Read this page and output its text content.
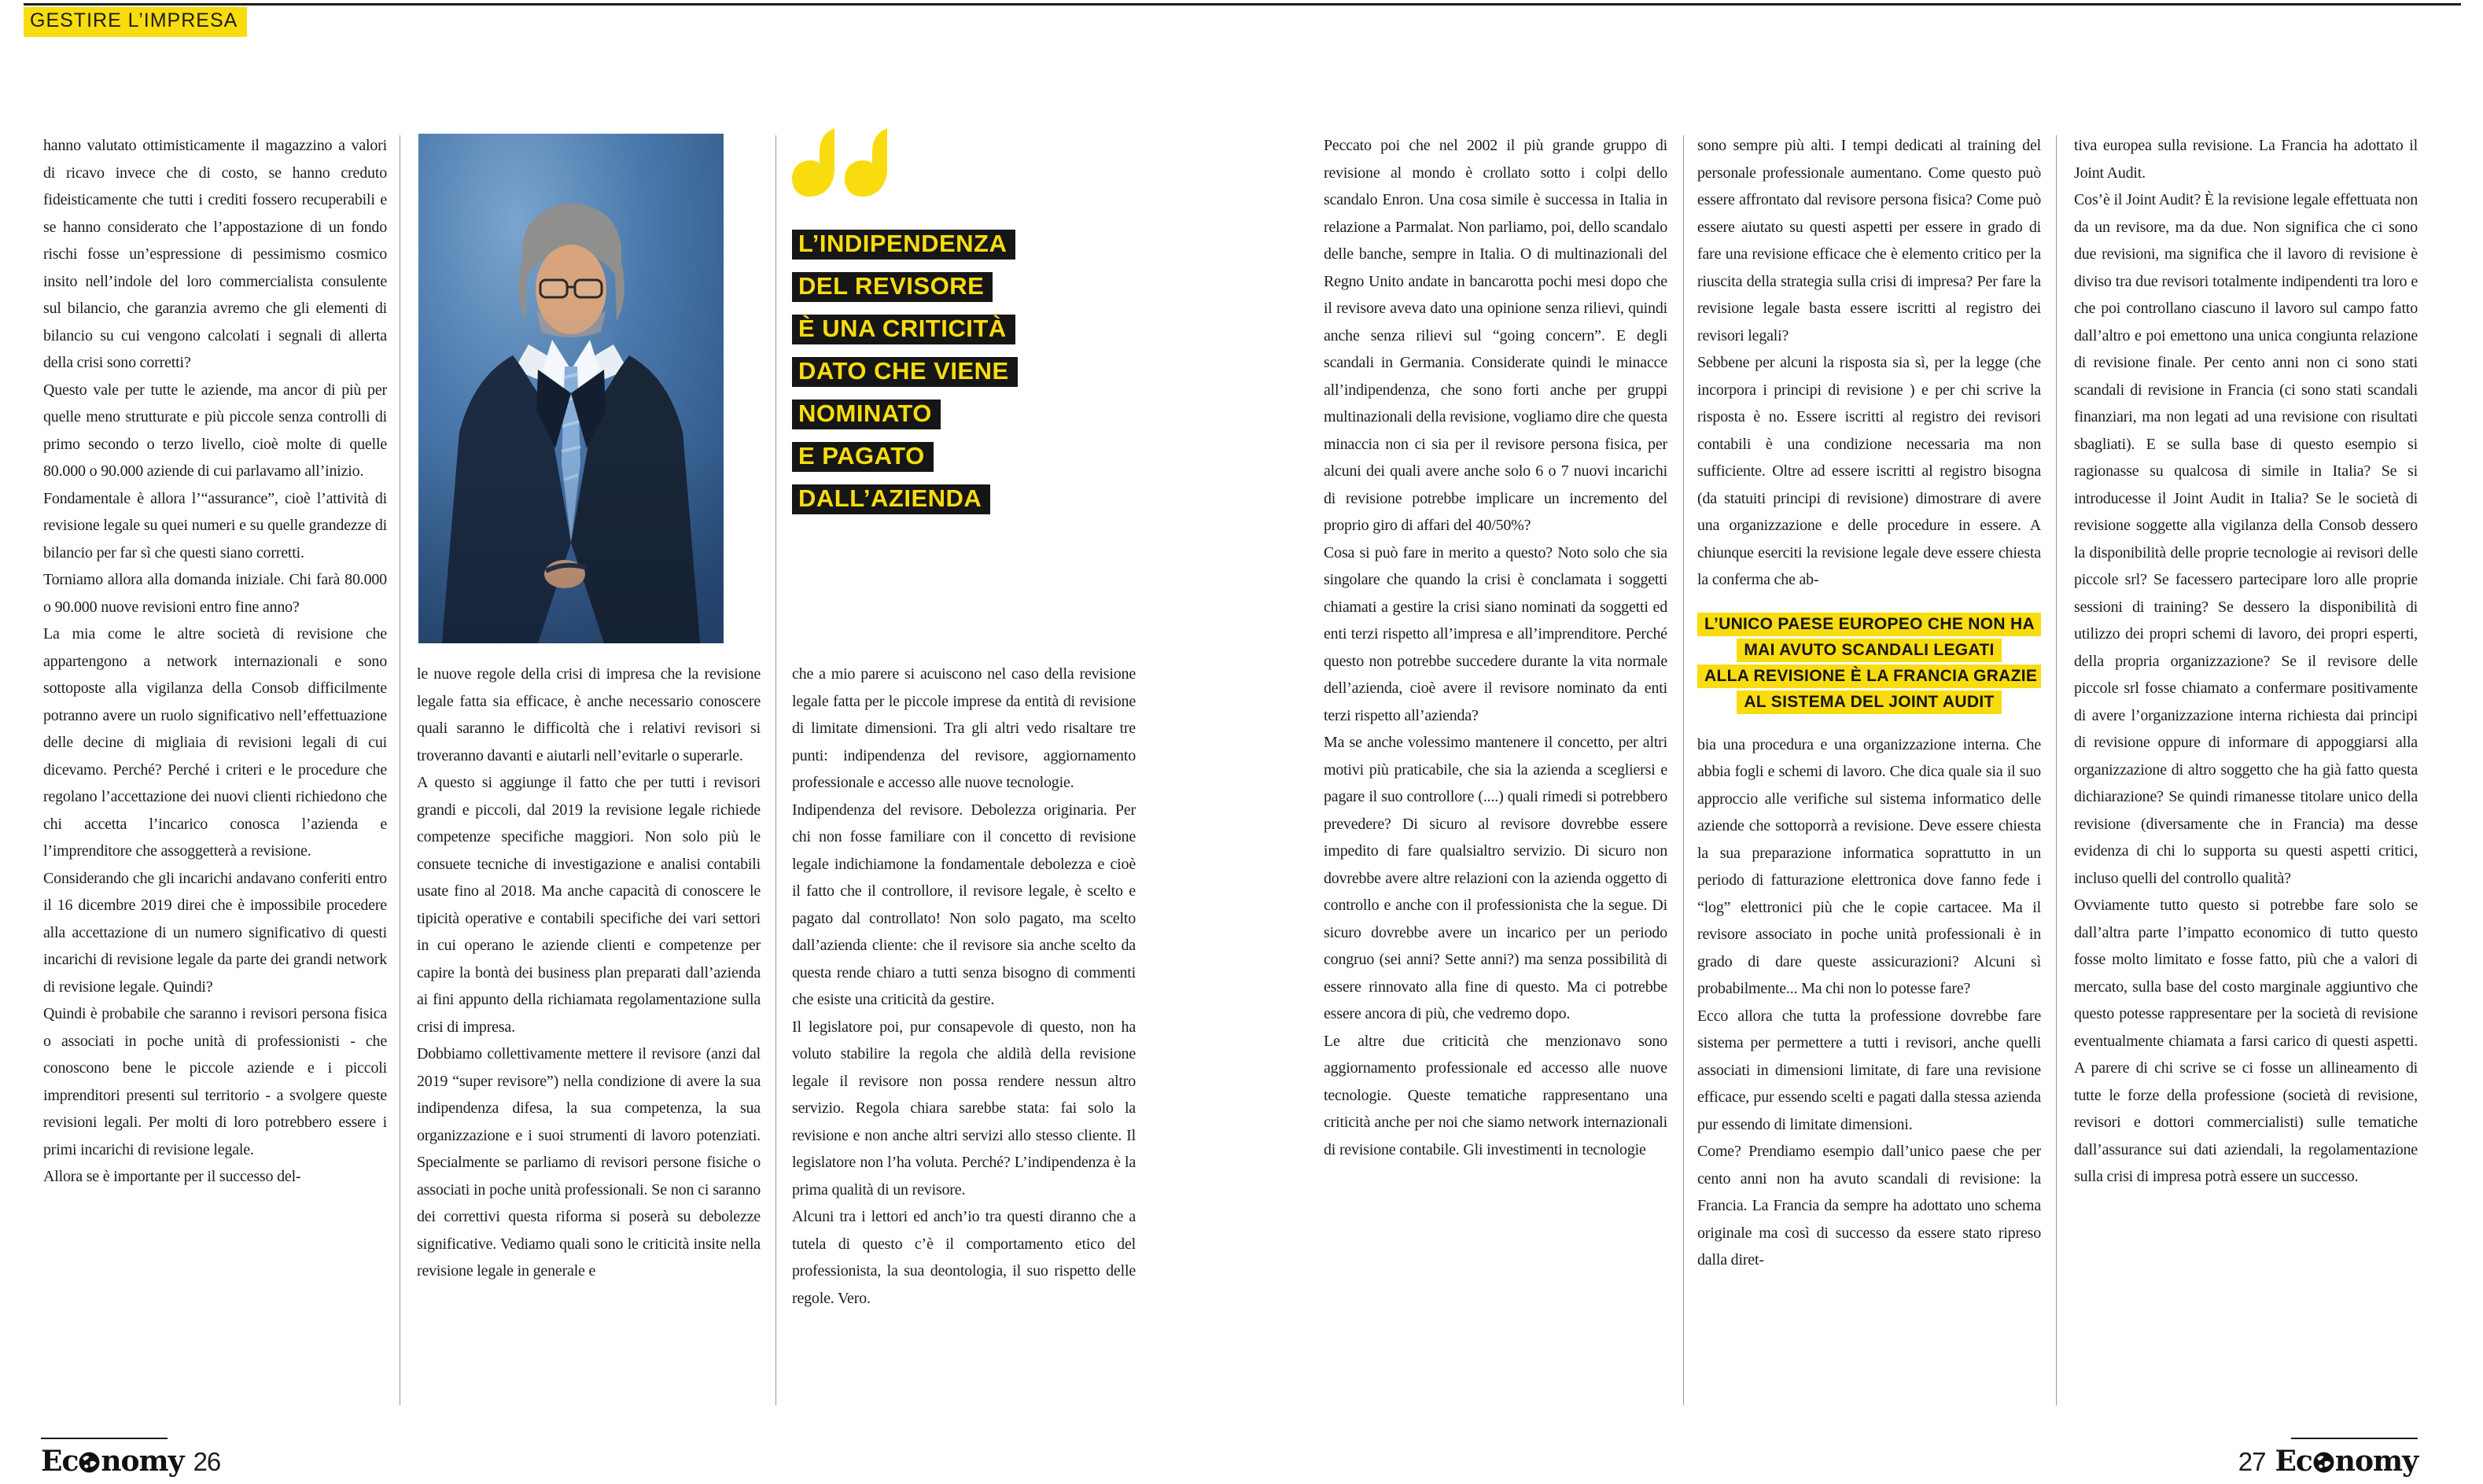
GESTIRE L’IMPRESA

hanno valutato ottimisticamente il magazzino a valori di ricavo invece che di costo, se hanno creduto fideisticamente che tutti i crediti fossero recuperabili e se hanno considerato che l’appostazione di un fondo rischi fosse un’espressione di pessimismo cosmico insito nell’indole del loro commercialista consulente sul bilancio, che garanzia avremo che gli elementi di bilancio su cui vengono calcolati i segnali di allerta della crisi sono corretti?

Questo vale per tutte le aziende, ma ancor di più per quelle meno strutturate e più piccole senza controlli di primo secondo o terzo livello, cioè molte di quelle 80.000 o 90.000 aziende di cui parlavamo all’inizio.

Fondamentale è allora l’“assurance”, cioè l’attività di revisione legale su quei numeri e su quelle grandezze di bilancio per far sì che questi siano corretti.

Torniamo allora alla domanda iniziale. Chi farà 80.000 o 90.000 nuove revisioni entro fine anno?

La mia come le altre società di revisione che appartengono a network internazionali e sono sottoposte alla vigilanza della Consob difficilmente potranno avere un ruolo significativo nell’effettuazione delle decine di migliaia di revisioni legali di cui dicevamo. Perché? Perché i criteri e le procedure che regolano l’accettazione dei nuovi clienti richiedono che chi accetta l’incarico conosca l’azienda e l’imprenditore che assoggetterà a revisione.

Considerando che gli incarichi andavano conferiti entro il 16 dicembre 2019 direi che è impossibile procedere alla accettazione di un numero significativo di questi incarichi di revisione legale da parte dei grandi network di revisione legale. Quindi?

Quindi è probabile che saranno i revisori persona fisica o associati in poche unità di professionisti - che conoscono bene le piccole aziende e i piccoli imprenditori presenti sul territorio - a svolgere queste revisioni legali. Per molti di loro potrebbero essere i primi incarichi di revisione legale.

Allora se è importante per il successo del-

le nuove regole della crisi di impresa che la revisione legale fatta sia efficace, è anche necessario conoscere quali saranno le difficoltà che i relativi revisori si troveranno davanti e aiutarli nell’evitarle o superarle.

A questo si aggiunge il fatto che per tutti i revisori grandi e piccoli, dal 2019 la revisione legale richiede competenze specifiche maggiori. Non solo più le consuete tecniche di investigazione e analisi contabili usate fino al 2018. Ma anche capacità di conoscere le tipicità operative e contabili specifiche dei vari settori in cui operano le aziende clienti e competenze per capire la bontà dei business plan preparati dall’azienda ai fini appunto della richiamata regolamentazione sulla crisi di impresa.

Dobbiamo collettivamente mettere il revisore (anzi dal 2019 “super revisore”) nella condizione di avere la sua indipendenza difesa, la sua competenza, la sua organizzazione e i suoi strumenti di lavoro potenziati. Specialmente se parliamo di revisori persone fisiche o associati in poche unità professionali. Se non ci saranno dei correttivi questa riforma si poserà su debolezze significative. Vediamo quali sono le criticità insite nella revisione legale in generale e

L’INDIPENDENZA
DEL REVISORE
È UNA CRITICITÀ
DATO CHE VIENE
NOMINATO
E PAGATO
DALL’AZIENDA

che a mio parere si acuiscono nel caso della revisione legale fatta per le piccole imprese da entità di revisione di limitate dimensioni. Tra gli altri vedo risaltare tre punti: indipendenza del revisore, aggiornamento professionale e accesso alle nuove tecnologie.

Indipendenza del revisore. Debolezza originaria. Per chi non fosse familiare con il concetto di revisione legale indichiamone la fondamentale debolezza e cioè il fatto che il controllore, il revisore legale, è scelto e pagato dal controllato! Non solo pagato, ma scelto dall’azienda cliente: che il revisore sia anche scelto da questa rende chiaro a tutti senza bisogno di commenti che esiste una criticità da gestire.

Il legislatore poi, pur consapevole di questo, non ha voluto stabilire la regola che aldilà della revisione legale il revisore non possa rendere nessun altro servizio. Regola chiara sarebbe stata: fai solo la revisione e non anche altri servizi allo stesso cliente. Il legislatore non l’ha voluta. Perché? L’indipendenza è la prima qualità di un revisore.

Alcuni tra i lettori ed anch’io tra questi diranno che a tutela di questo c’è il comportamento etico del professionista, la sua deontologia, il suo rispetto delle regole. Vero.

Peccato poi che nel 2002 il più grande gruppo di revisione al mondo è crollato sotto i colpi dello scandalo Enron. Una cosa simile è successa in Italia in relazione a Parmalat. Non parliamo, poi, dello scandalo delle banche, sempre in Italia. O di multinazionali del Regno Unito andate in bancarotta pochi mesi dopo che il revisore aveva dato una opinione senza rilievi, quindi anche senza rilievi sul “going concern”. E degli scandali in Germania. Considerate quindi le minacce all’indipendenza, che sono forti anche per gruppi multinazionali della revisione, vogliamo dire che questa minaccia non ci sia per il revisore persona fisica, per alcuni dei quali avere anche solo 6 o 7 nuovi incarichi di revisione potrebbe implicare un incremento del proprio giro di affari del 40/50%?

Cosa si può fare in merito a questo? Noto solo che sia singolare che quando la crisi è conclamata i soggetti chiamati a gestire la crisi siano nominati da soggetti ed enti terzi rispetto all’impresa e all’imprenditore. Perché questo non potrebbe succedere durante la vita normale dell’azienda, cioè avere il revisore nominato da enti terzi rispetto all’azienda?

Ma se anche volessimo mantenere il concetto, per altri motivi più praticabile, che sia la azienda a scegliersi e pagare il suo controllore (....) quali rimedi si potrebbero prevedere? Di sicuro al revisore dovrebbe essere impedito di fare qualsialtro servizio. Di sicuro non dovrebbe avere altre relazioni con la azienda oggetto di controllo e anche con il professionista che la segue. Di sicuro dovrebbe avere un incarico per un periodo congruo (sei anni? Sette anni?) ma senza possibilità di essere rinnovato alla fine di questo. Ma ci potrebbe essere ancora di più, che vedremo dopo.

Le altre due criticità che menzionavo sono aggiornamento professionale ed accesso alle nuove tecnologie. Queste tematiche rappresentano una criticità anche per noi che siamo network internazionali di revisione contabile. Gli investimenti in tecnologie

sono sempre più alti. I tempi dedicati al training del personale professionale aumentano. Come questo può essere affrontato dal revisore persona fisica? Come può essere aiutato su questi aspetti per essere in grado di fare una revisione efficace che è elemento critico per la riuscita della strategia sulla crisi di impresa? Per fare la revisione legale basta essere iscritti al registro dei revisori legali?

Sebbene per alcuni la risposta sia sì, per la legge (che incorpora i principi di revisione ) e per chi scrive la risposta è no. Essere iscritti al registro dei revisori contabili è una condizione necessaria ma non sufficiente. Oltre ad essere iscritti al registro bisogna (da statuiti principi di revisione) dimostrare di avere una organizzazione e delle procedure in essere. A chiunque eserciti la revisione legale deve essere chiesta la conferma che ab-

L’UNICO PAESE EUROPEO CHE NON HA
MAI AVUTO SCANDALI LEGATI
ALLA REVISIONE È LA FRANCIA GRAZIE
AL SISTEMA DEL JOINT AUDIT

bia una procedura e una organizzazione interna. Che abbia fogli e schemi di lavoro. Che dica quale sia il suo approccio alle verifiche sul sistema informatico delle aziende che sottoporrà a revisione. Deve essere chiesta la sua preparazione informatica soprattutto in un periodo di fatturazione elettronica dove fanno fede i “log” elettronici più che le copie cartacee. Ma il revisore associato in poche unità professionali è in grado di dare queste assicurazioni? Alcuni sì probabilmente... Ma chi non lo potesse fare?

Ecco allora che tutta la professione dovrebbe fare sistema per permettere a tutti i revisori, anche quelli associati in dimensioni limitate, di fare una revisione efficace, pur essendo scelti e pagati dalla stessa azienda pur essendo di limitate dimensioni.

Come? Prendiamo esempio dall’unico paese che per cento anni non ha avuto scandali di revisione: la Francia. La Francia da sempre ha adottato uno schema originale ma così di successo da essere stato ripreso dalla diret-

tiva europea sulla revisione. La Francia ha adottato il Joint Audit.

Cos’è il Joint Audit? È la revisione legale effettuata non da un revisore, ma da due. Non significa che ci sono due revisioni, ma significa che il lavoro di revisione è diviso tra due revisori totalmente indipendenti tra loro e che poi controllano ciascuno il lavoro sul campo fatto dall’altro e poi emettono una unica congiunta relazione di revisione finale. Per cento anni non ci sono stati scandali di revisione in Francia (ci sono stati scandali finanziari, ma non legati ad una revisione con risultati sbagliati). E se sulla base di questo esempio si ragionasse su qualcosa di simile in Italia? Se si introducesse il Joint Audit in Italia? Se le società di revisione soggette alla vigilanza della Consob dessero la disponibilità delle proprie tecnologie ai revisori delle piccole srl? Se facessero partecipare loro alle proprie sessioni di training? Se dessero la disponibilità di utilizzo dei propri schemi di lavoro, dei propri esperti, della propria organizzazione? Se il revisore delle piccole srl fosse chiamato a confermare positivamente di avere l’organizzazione interna richiesta dai principi di revisione oppure di informare di appoggiarsi alla organizzazione di altro soggetto che ha già fatto questa dichiarazione? Se quindi rimanesse titolare unico della revisione (diversamente che in Francia) ma desse evidenza di chi lo supporta su questi aspetti critici, incluso quelli del controllo qualità?

Ovviamente tutto questo si potrebbe fare solo se dall’altra parte l’impatto economico di tutto questo fosse molto limitato e fosse fatto, più che a valori di mercato, sulla base del costo marginale aggiuntivo che questo potesse rappresentare per la società di revisione eventualmente chiamata a farsi carico di questi aspetti. A parere di chi scrive se ci fosse un allineamento di tutte le forze della professione (società di revisione, revisori e dottori commercialisti) sulle tematiche dall’assurance sui dati aziendali, la regolamentazione sulla crisi di impresa potrà essere un successo.

Ec nomy 26	27 Ec nomy
